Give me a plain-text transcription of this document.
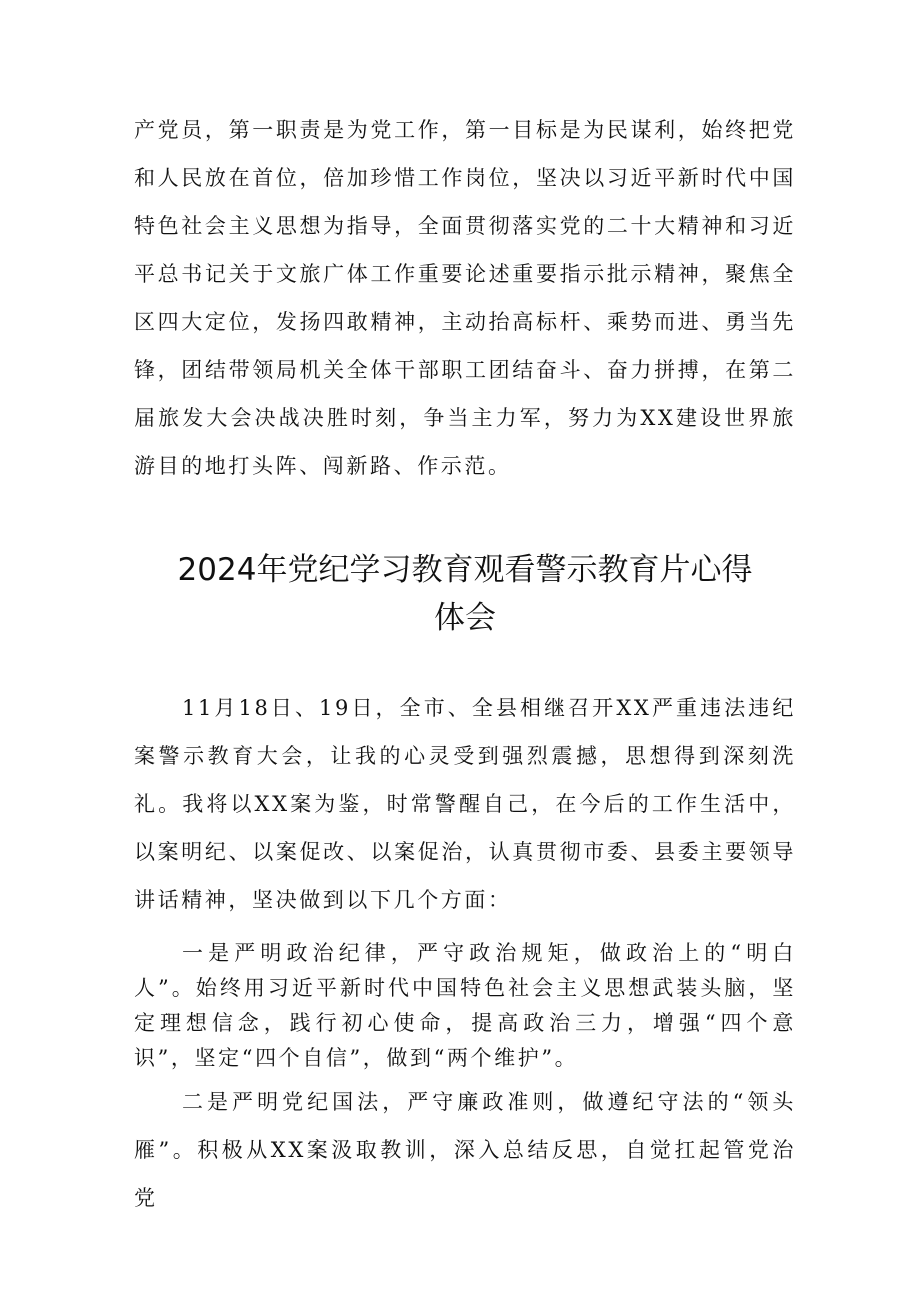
产党员，第一职责是为党工作，第一目标是为民谋利，始终把党和人民放在首位，倍加珍惜工作岗位，坚决以习近平新时代中国特色社会主义思想为指导，全面贯彻落实党的二十大精神和习近平总书记关于文旅广体工作重要论述重要指示批示精神，聚焦全区四大定位，发扬四敢精神，主动抬高标杆、乘势而进、勇当先锋，团结带领局机关全体干部职工团结奋斗、奋力拼搏，在第二届旅发大会决战决胜时刻，争当主力军，努力为XX建设世界旅游目的地打头阵、闯新路、作示范。

2024年党纪学习教育观看警示教育片心得
体会

11月18日、19日，全市、全县相继召开XX严重违法违纪案警示教育大会，让我的心灵受到强烈震撼，思想得到深刻洗礼。我将以XX案为鉴，时常警醒自己，在今后的工作生活中，以案明纪、以案促改、以案促治，认真贯彻市委、县委主要领导讲话精神，坚决做到以下几个方面：

一是严明政治纪律，严守政治规矩，做政治上的“明白人”。始终用习近平新时代中国特色社会主义思想武装头脑，坚定理想信念，践行初心使命，提高政治三力，增强“四个意识”，坚定“四个自信”，做到“两个维护”。

二是严明党纪国法，严守廉政准则，做遵纪守法的“领头雁”。积极从XX案汲取教训，深入总结反思，自觉扛起管党治党
